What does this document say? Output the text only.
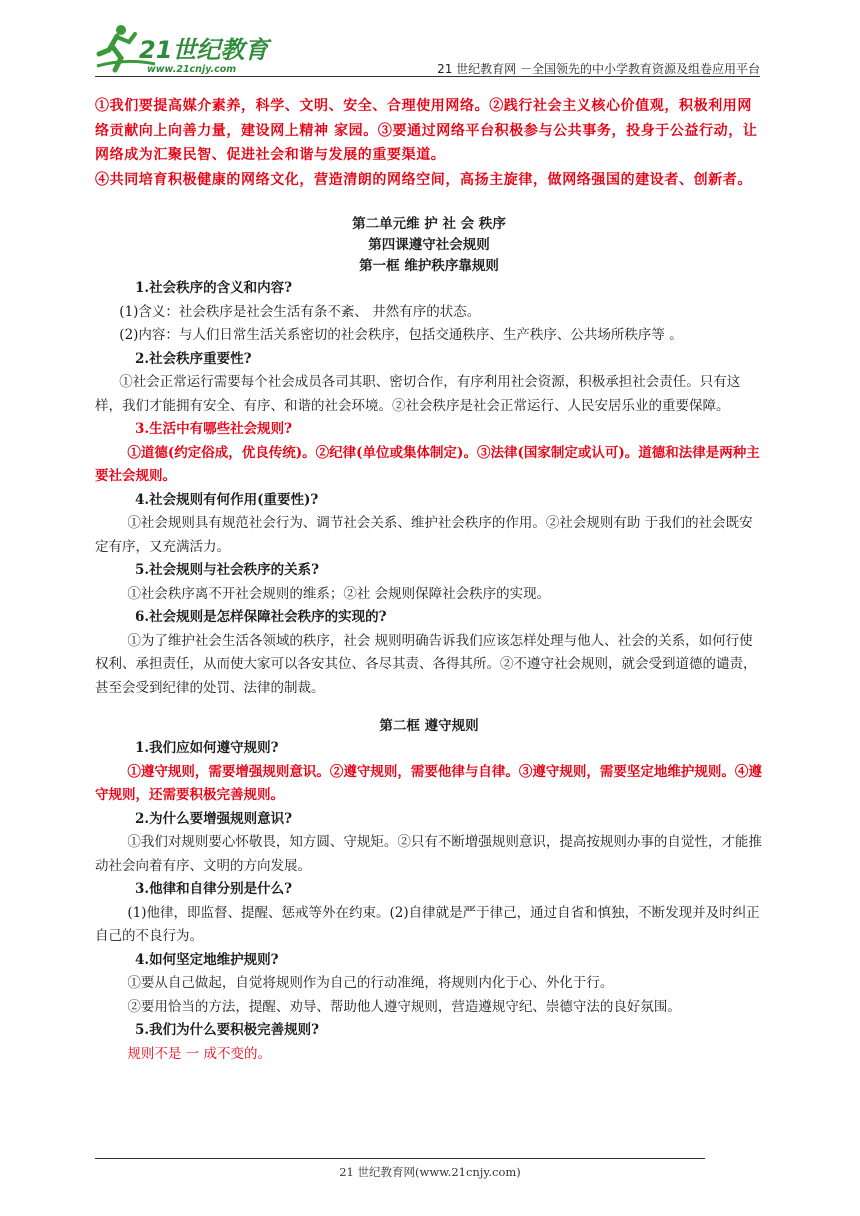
21世纪教育
www.21cnjy.com	21 世纪教育网 －全国领先的中小学教育资源及组卷应用平台

①我们要提高媒介素养，科学、文明、安全、合理使用网络。②践行社会主义核心价值观，积极利用网络贡献向上向善力量，建设网上精神 家园。③要通过网络平台积极参与公共事务，投身于公益行动，让网络成为汇聚民智、促进社会和谐与发展的重要渠道。

④共同培育积极健康的网络文化，营造清朗的网络空间，高扬主旋律，做网络强国的建设者、创新者。

第二单元维 护 社 会 秩序

第四课遵守社会规则

第一框 维护秩序靠规则

1.社会秩序的含义和内容?

(1)含义：社会秩序是社会生活有条不紊、 井然有序的状态。

(2)内容：与人们日常生活关系密切的社会秩序，包括交通秩序、生产秩序、公共场所秩序等 。

2.社会秩序重要性?

①社会正常运行需要每个社会成员各司其职、密切合作，有序利用社会资源，积极承担社会责任。只有这样，我们才能拥有安全、有序、和谐的社会环境。②社会秩序是社会正常运行、人民安居乐业的重要保障。

3.生活中有哪些社会规则?

①道德(约定俗成，优良传统)。②纪律(单位或集体制定)。③法律(国家制定或认可)。道德和法律是两种主要社会规则。

4.社会规则有何作用(重要性)?

①社会规则具有规范社会行为、调节社会关系、维护社会秩序的作用。②社会规则有助 于我们的社会既安定有序，又充满活力。

5.社会规则与社会秩序的关系?

①社会秩序离不开社会规则的维系；②社 会规则保障社会秩序的实现。

6.社会规则是怎样保障社会秩序的实现的?

①为了维护社会生活各领域的秩序，社会 规则明确告诉我们应该怎样处理与他人、社会的关系，如何行使权利、承担责任，从而使大家可以各安其位、各尽其责、各得其所。②不遵守社会规则，就会受到道德的谴责，甚至会受到纪律的处罚、法律的制裁。

第二框 遵守规则

1.我们应如何遵守规则?

①遵守规则，需要增强规则意识。②遵守规则，需要他律与自律。③遵守规则，需要坚定地维护规则。④遵守规则，还需要积极完善规则。

2.为什么要增强规则意识?

①我们对规则要心怀敬畏，知方圆、守规矩。②只有不断增强规则意识，提高按规则办事的自觉性，才能推动社会向着有序、文明的方向发展。

3.他律和自律分别是什么?

(1)他律，即监督、提醒、惩戒等外在约束。(2)自律就是严于律己，通过自省和慎独，不断发现并及时纠正自己的不良行为。

4.如何坚定地维护规则?

①要从自己做起，自觉将规则作为自己的行动准绳，将规则内化于心、外化于行。

②要用恰当的方法，提醒、劝导、帮助他人遵守规则，营造遵规守纪、崇德守法的良好氛围。

5.我们为什么要积极完善规则?

规则不是 一 成不变的。

21 世纪教育网(www.21cnjy.com)
